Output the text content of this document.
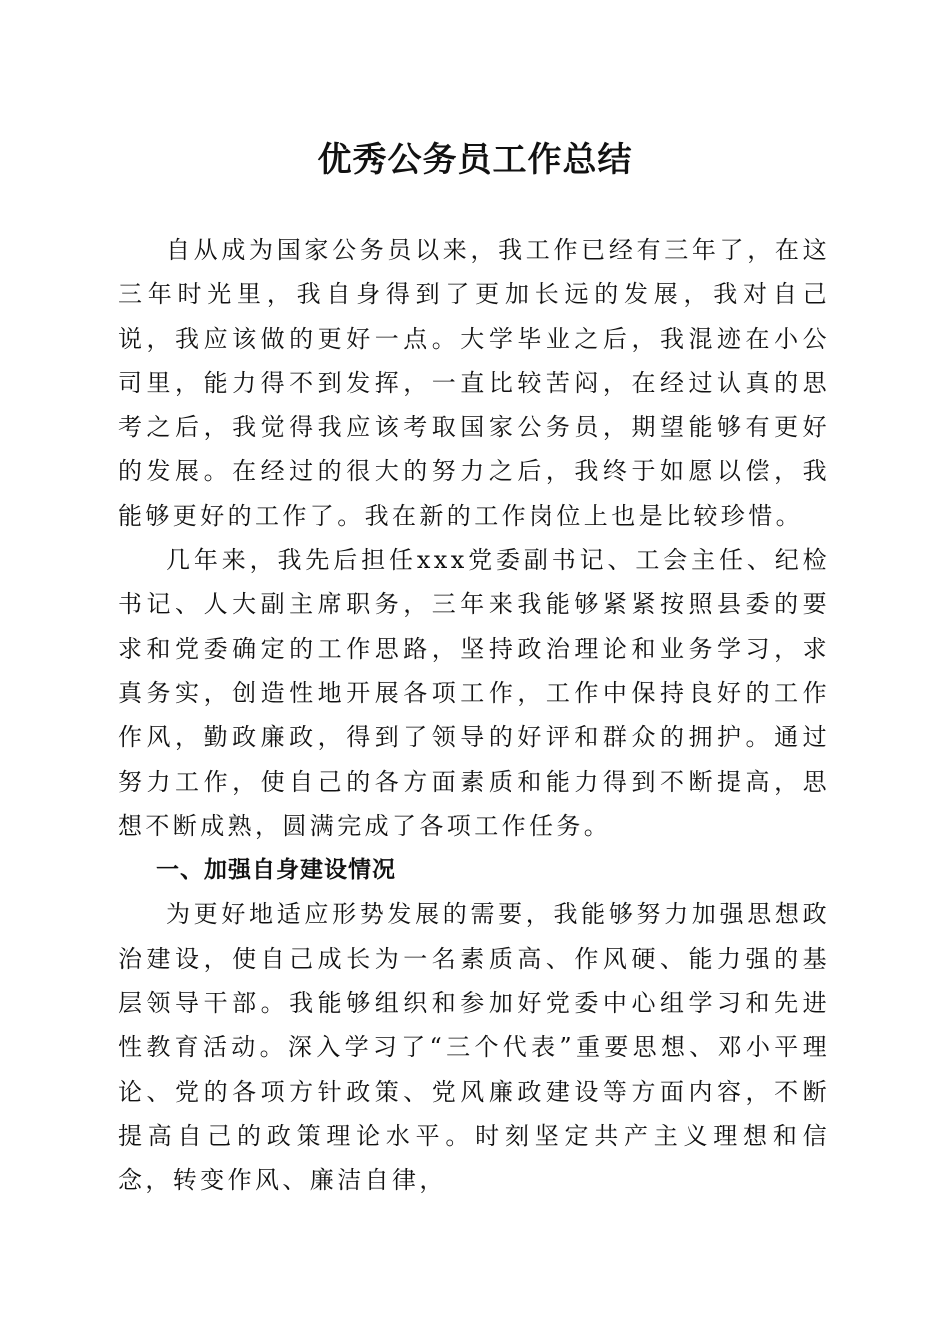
优秀公务员工作总结

自从成为国家公务员以来，我工作已经有三年了，在这三年时光里，我自身得到了更加长远的发展，我对自己说，我应该做的更好一点。大学毕业之后，我混迹在小公司里，能力得不到发挥，一直比较苦闷，在经过认真的思考之后，我觉得我应该考取国家公务员，期望能够有更好的发展。在经过的很大的努力之后，我终于如愿以偿，我能够更好的工作了。我在新的工作岗位上也是比较珍惜。

几年来，我先后担任xxx党委副书记、工会主任、纪检书记、人大副主席职务，三年来我能够紧紧按照县委的要求和党委确定的工作思路，坚持政治理论和业务学习，求真务实，创造性地开展各项工作，工作中保持良好的工作作风，勤政廉政，得到了领导的好评和群众的拥护。通过努力工作，使自己的各方面素质和能力得到不断提高，思想不断成熟，圆满完成了各项工作任务。

一、加强自身建设情况

为更好地适应形势发展的需要，我能够努力加强思想政治建设，使自己成长为一名素质高、作风硬、能力强的基层领导干部。我能够组织和参加好党委中心组学习和先进性教育活动。深入学习了“三个代表”重要思想、邓小平理论、党的各项方针政策、党风廉政建设等方面内容，不断提高自己的政策理论水平。时刻坚定共产主义理想和信念，转变作风、廉洁自律，
